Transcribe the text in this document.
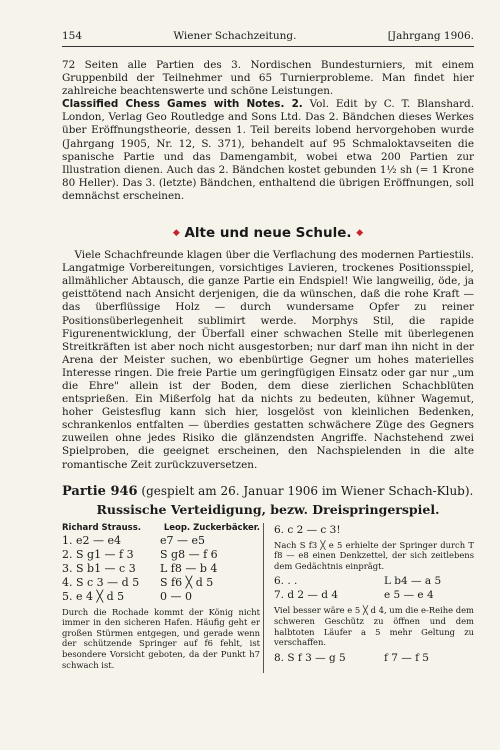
154	Wiener Schachzeitung.	[Jahrgang 1906.

72 Seiten alle Partien des 3. Nordischen Bundesturniers, mit einem Gruppenbild der Teilnehmer und 65 Turnierprobleme. Man findet hier zahlreiche beachtenswerte und schöne Leistungen.

Classified Chess Games with Notes. 2. Vol. Edit by C. T. Blanshard. London, Verlag Geo Routledge and Sons Ltd. Das 2. Bändchen dieses Werkes über Eröffnungstheorie, dessen 1. Teil bereits lobend hervorgehoben wurde (Jahrgang 1905, Nr. 12, S. 371), behandelt auf 95 Schmaloktavseiten die spanische Partie und das Damengambit, wobei etwa 200 Partien zur Illustration dienen. Auch das 2. Bändchen kostet gebunden 1½ sh (= 1 Krone 80 Heller). Das 3. (letzte) Bändchen, enthaltend die übrigen Eröffnungen, soll demnächst erscheinen.

◆ Alte und neue Schule. ◆

Viele Schachfreunde klagen über die Verflachung des modernen Partiestils. Langatmige Vorbereitungen, vorsichtiges Lavieren, trockenes Positionsspiel, allmählicher Abtausch, die ganze Partie ein Endspiel! Wie langweilig, öde, ja geisttötend nach Ansicht derjenigen, die da wünschen, daß die rohe Kraft — das überflüssige Holz — durch wundersame Opfer zu reiner Positionsüberlegenheit sublimirt werde. Morphys Stil, die rapide Figurenentwicklung, der Überfall einer schwachen Stelle mit überlegenen Streitkräften ist aber noch nicht ausgestorben; nur darf man ihn nicht in der Arena der Meister suchen, wo ebenbürtige Gegner um hohes materielles Interesse ringen. Die freie Partie um geringfügigen Einsatz oder gar nur „um die Ehre" allein ist der Boden, dem diese zierlichen Schachblüten entsprießen. Ein Mißerfolg hat da nichts zu bedeuten, kühner Wagemut, hoher Geistesflug kann sich hier, losgelöst von kleinlichen Bedenken, schrankenlos entfalten — überdies gestatten schwächere Züge des Gegners zuweilen ohne jedes Risiko die glänzendsten Angriffe. Nachstehend zwei Spielproben, die geeignet erscheinen, den Nachspielenden in die alte romantische Zeit zurückzuversetzen.

Partie 946 (gespielt am 26. Januar 1906 im Wiener Schach-Klub).
Russische Verteidigung, bezw. Dreispringerspiel.
Richard Strauss.	Leop. Zuckerbäcker.
1. e2 — e4	e7 — e5
2. S g1 — f 3	S g8 — f 6
3. S b1 — c 3	L f8 — b 4
4. S c 3 — d 5	S f6 ╳ d 5
5. e 4 ╳ d 5	0 — 0

Durch die Rochade kommt der König nicht immer in den sicheren Hafen. Häufig geht er großen Stürmen entgegen, und gerade wenn der schützende Springer auf f6 fehlt, ist besondere Vorsicht geboten, da der Punkt h7 schwach ist.

6. c 2 — c 3!

Nach S f3 ╳ e 5 erhielte der Springer durch T f8 — e8 einen Denkzettel, der sich zeitlebens dem Gedächtnis einprägt.

6. . .	L b4 — a 5
7. d 2 — d 4	e 5 — e 4

Viel besser wäre e 5 ╳ d 4, um die e-Reihe dem schweren Geschütz zu öffnen und dem halbtoten Läufer a 5 mehr Geltung zu verschaffen.

8. S f 3 — g 5	f 7 — f 5
